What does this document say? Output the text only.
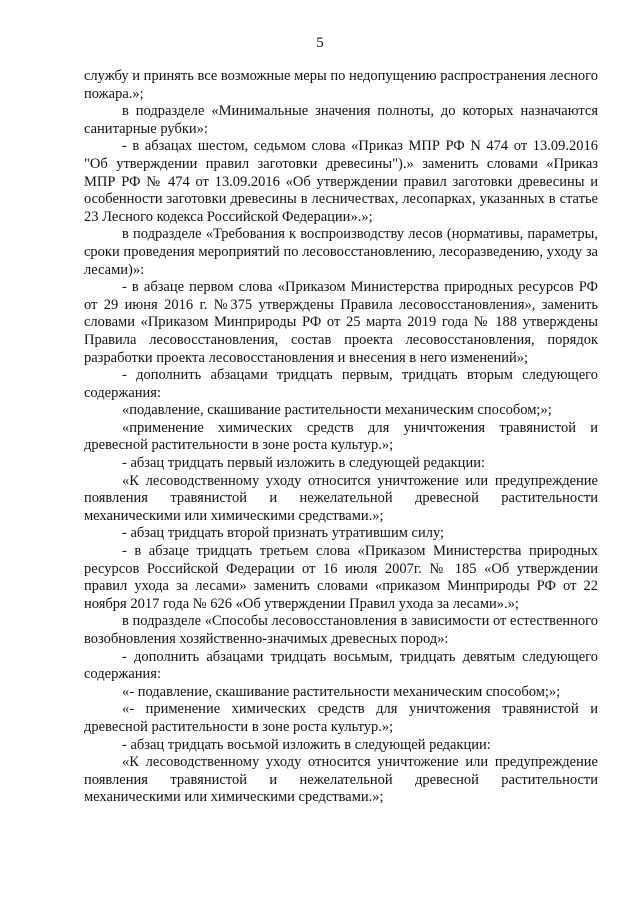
5

службу и принять все возможные меры по недопущению распространения лесного пожара.»;

в подразделе «Минимальные значения полноты, до которых назначаются санитарные рубки»:

- в абзацах шестом, седьмом слова «Приказ МПР РФ N 474 от 13.09.2016 "Об утверждении правил заготовки древесины").» заменить словами «Приказ МПР РФ № 474 от 13.09.2016 «Об утверждении правил заготовки древесины и особенности заготовки древесины в лесничествах, лесопарках, указанных в статье 23 Лесного кодекса Российской Федерации».»;

в подразделе «Требования к воспроизводству лесов (нормативы, параметры, сроки проведения мероприятий по лесовосстановлению, лесоразведению, уходу за лесами)»:

- в абзаце первом слова «Приказом Министерства природных ресурсов РФ от 29 июня 2016 г. №375 утверждены Правила лесовосстановления», заменить словами «Приказом Минприроды РФ от 25 марта 2019 года № 188 утверждены Правила лесовосстановления, состав проекта лесовосстановления, порядок разработки проекта лесовосстановления и внесения в него изменений»;

- дополнить абзацами тридцать первым, тридцать вторым следующего содержания:

«подавление, скашивание растительности механическим способом;»;

«применение химических средств для уничтожения травянистой и древесной растительности в зоне роста культур.»;

- абзац тридцать первый изложить в следующей редакции:

«К лесоводственному уходу относится уничтожение или предупреждение появления травянистой и нежелательной древесной растительности механическими или химическими средствами.»;

- абзац тридцать второй признать утратившим силу;

- в абзаце тридцать третьем слова «Приказом Министерства природных ресурсов Российской Федерации от 16 июля 2007г. № 185 «Об утверждении правил ухода за лесами» заменить словами «приказом Минприроды РФ от 22 ноября 2017 года № 626 «Об утверждении Правил ухода за лесами».»;

в подразделе «Способы лесовосстановления в зависимости от естественного возобновления хозяйственно-значимых древесных пород»:

- дополнить абзацами тридцать восьмым, тридцать девятым следующего содержания:

«- подавление, скашивание растительности механическим способом;»;

«- применение химических средств для уничтожения травянистой и древесной растительности в зоне роста культур.»;

- абзац тридцать восьмой изложить в следующей редакции:

«К лесоводственному уходу относится уничтожение или предупреждение появления травянистой и нежелательной древесной растительности механическими или химическими средствами.»;
